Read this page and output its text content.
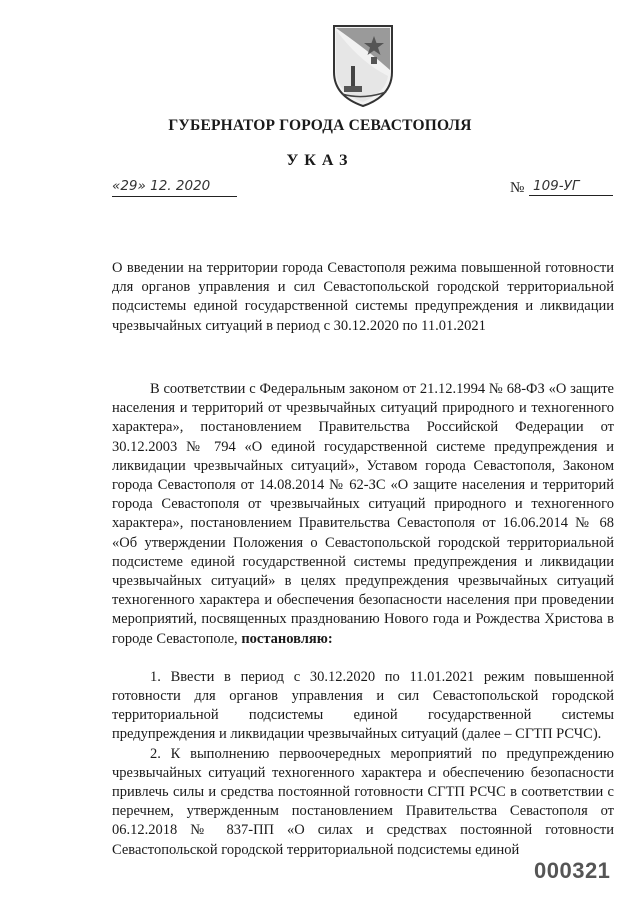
ГУБЕРНАТОР ГОРОДА СЕВАСТОПОЛЯ
УКАЗ
«29» 12. 2020	№ 109-УГ
О введении на территории города Севастополя режима повышенной готовности для органов управления и сил Севастопольской городской территориальной подсистемы единой государственной системы предупреждения и ликвидации чрезвычайных ситуаций в период с 30.12.2020 по 11.01.2021

В соответствии с Федеральным законом от 21.12.1994 № 68-ФЗ «О защите населения и территорий от чрезвычайных ситуаций природного и техногенного характера», постановлением Правительства Российской Федерации от 30.12.2003 № 794 «О единой государственной системе предупреждения и ликвидации чрезвычайных ситуаций», Уставом города Севастополя, Законом города Севастополя от 14.08.2014 № 62-ЗС «О защите населения и территорий города Севастополя от чрезвычайных ситуаций природного и техногенного характера», постановлением Правительства Севастополя от 16.06.2014 № 68 «Об утверждении Положения о Севастопольской городской территориальной подсистеме единой государственной системы предупреждения и ликвидации чрезвычайных ситуаций» в целях предупреждения чрезвычайных ситуаций техногенного характера и обеспечения безопасности населения при проведении мероприятий, посвященных празднованию Нового года и Рождества Христова в городе Севастополе, постановляю:

1. Ввести в период с 30.12.2020 по 11.01.2021 режим повышенной готовности для органов управления и сил Севастопольской городской территориальной подсистемы единой государственной системы предупреждения и ликвидации чрезвычайных ситуаций (далее – СГТП РСЧС).

2. К выполнению первоочередных мероприятий по предупреждению чрезвычайных ситуаций техногенного характера и обеспечению безопасности привлечь силы и средства постоянной готовности СГТП РСЧС в соответствии с перечнем, утвержденным постановлением Правительства Севастополя от 06.12.2018 № 837-ПП «О силах и средствах постоянной готовности Севастопольской городской территориальной подсистемы единой

000321
